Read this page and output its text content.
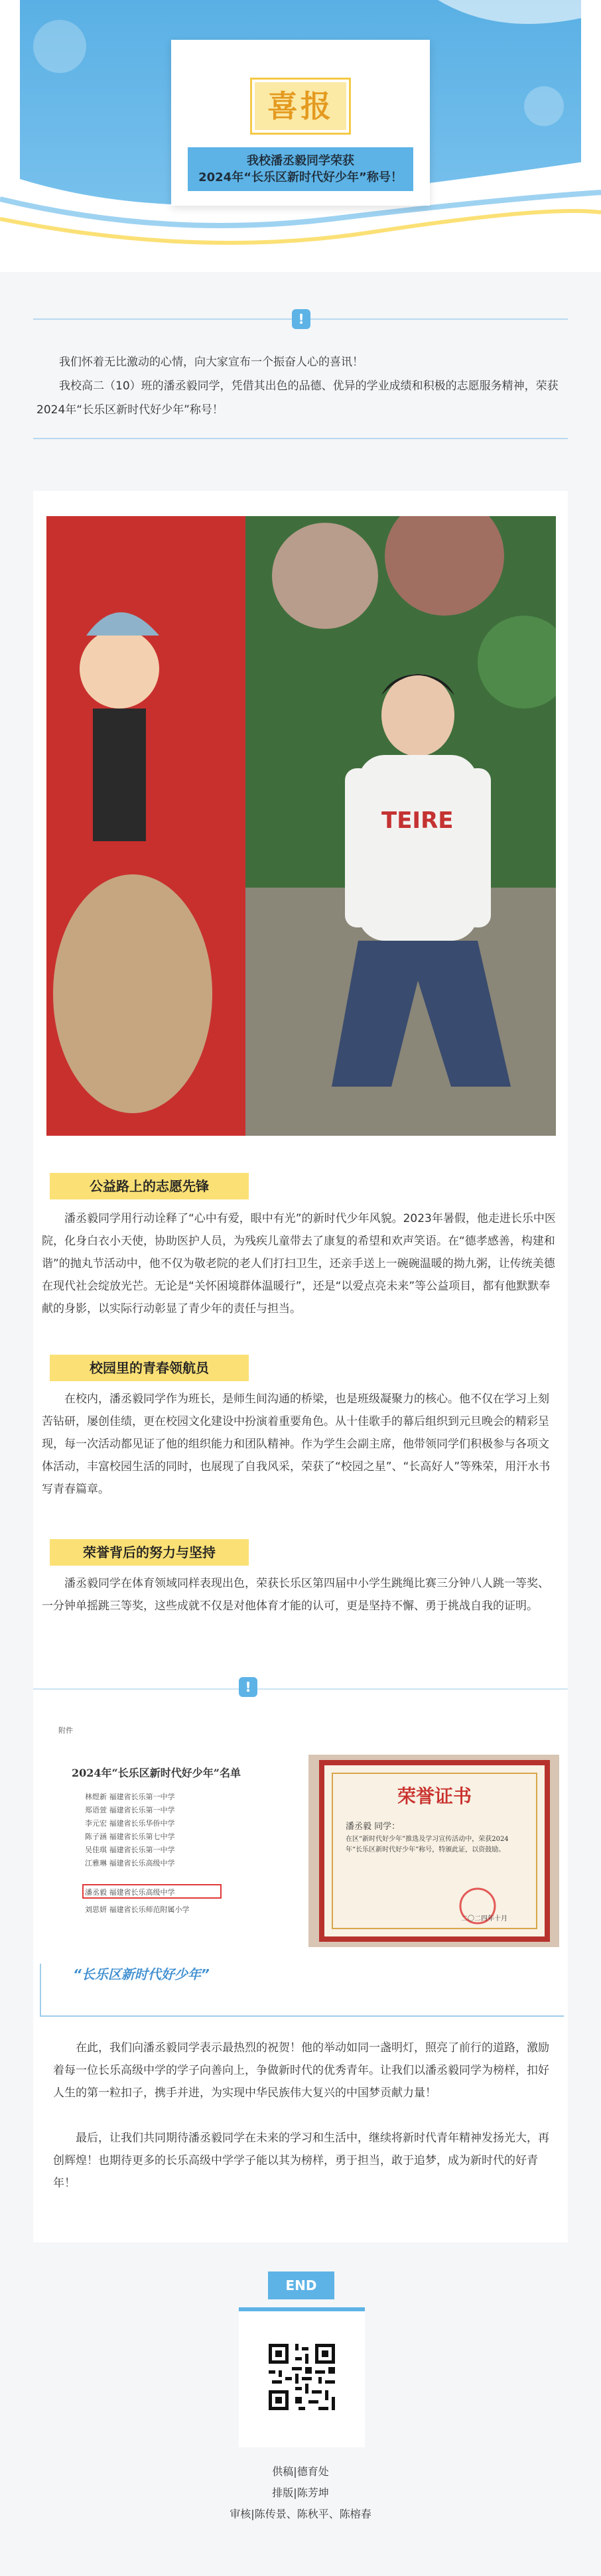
喜报
我校潘丞毅同学荣获
2024年“长乐区新时代好少年”称号！
!

我们怀着无比激动的心情，向大家宣布一个振奋人心的喜讯！

我校高二（10）班的潘丞毅同学，凭借其出色的品德、优异的学业成绩和积极的志愿服务精神，荣获2024年“长乐区新时代好少年”称号！

TEIRE
公益路上的志愿先锋

潘丞毅同学用行动诠释了“心中有爱，眼中有光”的新时代少年风貌。2023年暑假，他走进长乐中医院，化身白衣小天使，协助医护人员，为残疾儿童带去了康复的希望和欢声笑语。在“德孝感善，构建和谐”的抛丸节活动中，他不仅为敬老院的老人们打扫卫生，还亲手送上一碗碗温暖的拗九粥，让传统美德在现代社会绽放光芒。无论是“关怀困境群体温暖行”，还是“以爱点亮未来”等公益项目，都有他默默奉献的身影，以实际行动彰显了青少年的责任与担当。

校园里的青春领航员

在校内，潘丞毅同学作为班长，是师生间沟通的桥梁，也是班级凝聚力的核心。他不仅在学习上刻苦钻研，屡创佳绩，更在校园文化建设中扮演着重要角色。从十佳歌手的幕后组织到元旦晚会的精彩呈现，每一次活动都见证了他的组织能力和团队精神。作为学生会副主席，他带领同学们积极参与各项文体活动，丰富校园生活的同时，也展现了自我风采，荣获了“校园之星”、“长高好人”等殊荣，用汗水书写青春篇章。

荣誉背后的努力与坚持

潘丞毅同学在体育领域同样表现出色，荣获长乐区第四届中小学生跳绳比赛三分钟八人跳一等奖、一分钟单摇跳三等奖，这些成就不仅是对他体育才能的认可，更是坚持不懈、勇于挑战自我的证明。

!
附件
2024年“长乐区新时代好少年”名单
林煜新 福建省长乐第一中学
郑语萱 福建省长乐第一中学
李元宏 福建省长乐华侨中学
陈子涵 福建省长乐第七中学
吴佳琪 福建省长乐第一中学
江雅琳 福建省长乐高级中学
潘丞毅 福建省长乐高级中学
刘思妍 福建省长乐师范附属小学
荣誉证书
潘丞毅 同学：
在区“新时代好少年”推选及学习宣传活动中，荣获2024年“长乐区新时代好少年”称号，特颁此证，以资鼓励。
二〇二四年十月
“长乐区新时代好少年”

在此，我们向潘丞毅同学表示最热烈的祝贺！他的举动如同一盏明灯，照亮了前行的道路，激励着每一位长乐高级中学的学子向善向上，争做新时代的优秀青年。让我们以潘丞毅同学为榜样，扣好人生的第一粒扣子，携手并进，为实现中华民族伟大复兴的中国梦贡献力量！

最后，让我们共同期待潘丞毅同学在未来的学习和生活中，继续将新时代青年精神发扬光大，再创辉煌！也期待更多的长乐高级中学学子能以其为榜样，勇于担当，敢于追梦，成为新时代的好青年！

END
供稿|德育处
排版|陈芳坤
审核|陈传景、陈秋平、陈榕春
